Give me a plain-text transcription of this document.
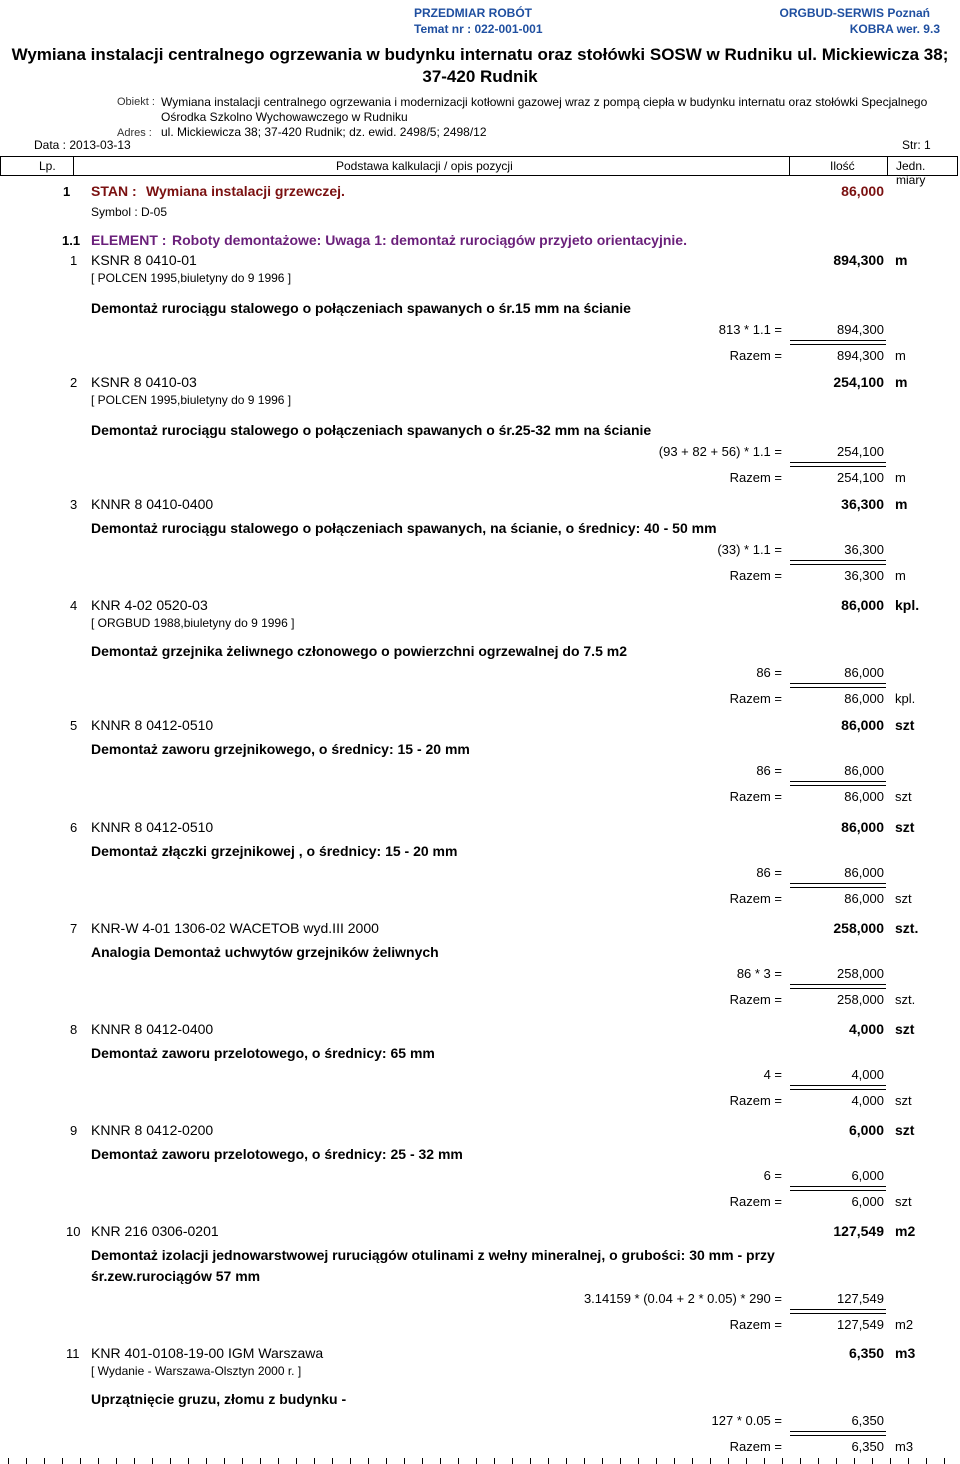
PRZEDMIAR ROBÓT
Temat nr : 022-001-001
ORGBUD-SERWIS Poznań
KOBRA wer. 9.3
Wymiana instalacji centralnego ogrzewania w budynku internatu oraz stołówki SOSW w Rudniku ul. Mickiewicza 38;
37-420 Rudnik
Obiekt : Wymiana instalacji centralnego ogrzewania i modernizacji kotłowni gazowej wraz z pompą ciepła w budynku internatu oraz stołówki Specjalnego
Ośrodka Szkolno Wychowawczego w Rudniku
Adres : ul. Mickiewicza 38; 37-420 Rudnik; dz. ewid. 2498/5; 2498/12
Data : 2013-03-13	Str: 1
Lp.	Podstawa kalkulacji / opis pozycji	Ilość	Jedn. miary
1 STAN : Wymiana instalacji grzewczej.	86,000
Symbol : D-05
1.1 ELEMENT : Roboty demontażowe: Uwaga 1: demontaż rurociągów przyjeto orientacyjnie.
1 KSNR 8 0410-01	894,300 m
[ POLCEN 1995,biuletyny do 9 1996 ]
Demontaż rurociągu stalowego o połączeniach spawanych o śr.15 mm na ścianie
813 * 1.1 =	894,300
Razem =	894,300 m
2 KSNR 8 0410-03	254,100 m
[ POLCEN 1995,biuletyny do 9 1996 ]
Demontaż rurociągu stalowego o połączeniach spawanych o śr.25-32 mm na ścianie
(93 + 82 + 56) * 1.1 =	254,100
Razem =	254,100 m
3 KNNR 8 0410-0400	36,300 m
Demontaż rurociągu stalowego o połączeniach spawanych, na ścianie, o średnicy: 40 - 50 mm
(33) * 1.1 =	36,300
Razem =	36,300 m
4 KNR 4-02 0520-03	86,000 kpl.
[ ORGBUD 1988,biuletyny do 9 1996 ]
Demontaż grzejnika żeliwnego członowego o powierzchni ogrzewalnej do 7.5 m2
86 =	86,000
Razem =	86,000 kpl.
5 KNNR 8 0412-0510	86,000 szt
Demontaż zaworu grzejnikowego, o średnicy: 15 - 20 mm
86 =	86,000
Razem =	86,000 szt
6 KNNR 8 0412-0510	86,000 szt
Demontaż złączki grzejnikowej , o średnicy: 15 - 20 mm
86 =	86,000
Razem =	86,000 szt
7 KNR-W 4-01 1306-02 WACETOB wyd.III 2000	258,000 szt.
Analogia Demontaż uchwytów grzejników żeliwnych
86 * 3 =	258,000
Razem =	258,000 szt.
8 KNNR 8 0412-0400	4,000 szt
Demontaż zaworu przelotowego, o średnicy: 65 mm
4 =	4,000
Razem =	4,000 szt
9 KNNR 8 0412-0200	6,000 szt
Demontaż zaworu przelotowego, o średnicy: 25 - 32 mm
6 =	6,000
Razem =	6,000 szt
10 KNR 216 0306-0201	127,549 m2
Demontaż izolacji jednowarstwowej ruruciągów otulinami z wełny mineralnej, o grubości: 30 mm - przy
śr.zew.rurociągów 57 mm
3.14159 * (0.04 + 2 * 0.05) * 290 =	127,549
Razem =	127,549 m2
11 KNR 401-0108-19-00 IGM Warszawa	6,350 m3
[ Wydanie - Warszawa-Olsztyn 2000 r. ]
Uprzątnięcie gruzu, złomu z budynku -
127 * 0.05 =	6,350
Razem =	6,350 m3
